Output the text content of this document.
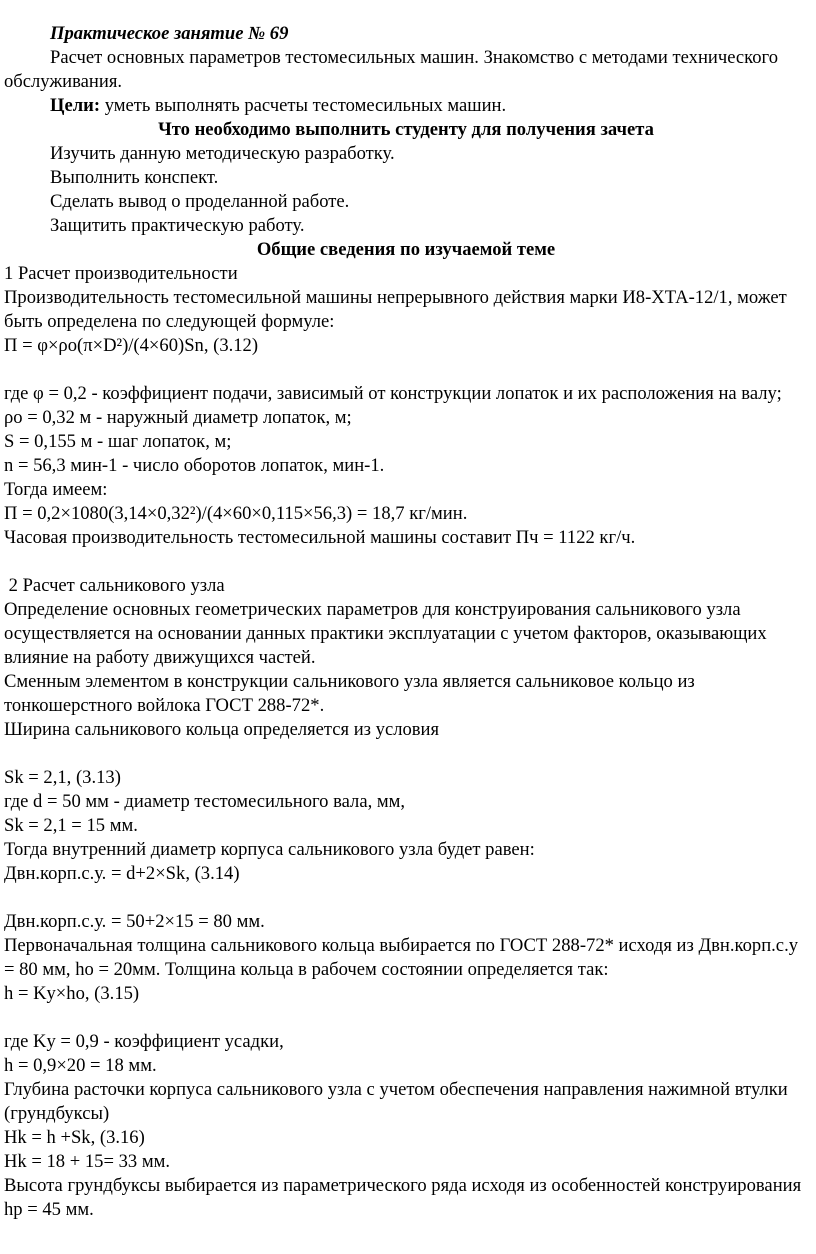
Практическое занятие № 69

Расчет основных параметров тестомесильных машин. Знакомство с методами технического обслуживания.

Цели: уметь выполнять расчеты тестомесильных машин.

Что необходимо выполнить студенту для получения зачета

Изучить данную методическую разработку.

Выполнить конспект.

Сделать вывод о проделанной работе.

Защитить практическую работу.

Общие сведения по изучаемой теме

1 Расчет производительности

Производительность тестомесильной машины непрерывного действия марки И8-ХТА-12/1, может быть определена по следующей формуле:

П = φ×ρо(π×D²)/(4×60)Sn, (3.12)

где φ = 0,2 - коэффициент подачи, зависимый от конструкции лопаток и их расположения на валу;

ρо = 0,32 м - наружный диаметр лопаток, м;

S = 0,155 м - шаг лопаток, м;

n = 56,3 мин-1 - число оборотов лопаток, мин-1.

Тогда имеем:

П = 0,2×1080(3,14×0,32²)/(4×60×0,115×56,3) = 18,7 кг/мин.

Часовая производительность тестомесильной машины составит Пч = 1122 кг/ч.

2 Расчет сальникового узла

Определение основных геометрических параметров для конструирования сальникового узла осуществляется на основании данных практики эксплуатации с учетом факторов, оказывающих влияние на работу движущихся частей.

Сменным элементом в конструкции сальникового узла является сальниковое кольцо из тонкошерстного войлока ГОСТ 288-72*.

Ширина сальникового кольца определяется из условия

Sk = 2,1, (3.13)

где d = 50 мм - диаметр тестомесильного вала, мм,

Sk = 2,1 = 15 мм.

Тогда внутренний диаметр корпуса сальникового узла будет равен:

Двн.корп.с.у. = d+2×Sk, (3.14)

Двн.корп.с.у. = 50+2×15 = 80 мм.

Первоначальная толщина сальникового кольца выбирается по ГОСТ 288-72* исходя из Двн.корп.с.у = 80 мм, hо = 20мм. Толщина кольца в рабочем состоянии определяется так:

h = Ky×hо, (3.15)

где Ky = 0,9 - коэффициент усадки,

h = 0,9×20 = 18 мм.

Глубина расточки корпуса сальникового узла с учетом обеспечения направления нажимной втулки (грундбуксы)

Hk = h +Sk, (3.16)

Hk = 18 + 15= 33 мм.

Высота грундбуксы выбирается из параметрического ряда исходя из особенностей конструирования hр = 45 мм.
